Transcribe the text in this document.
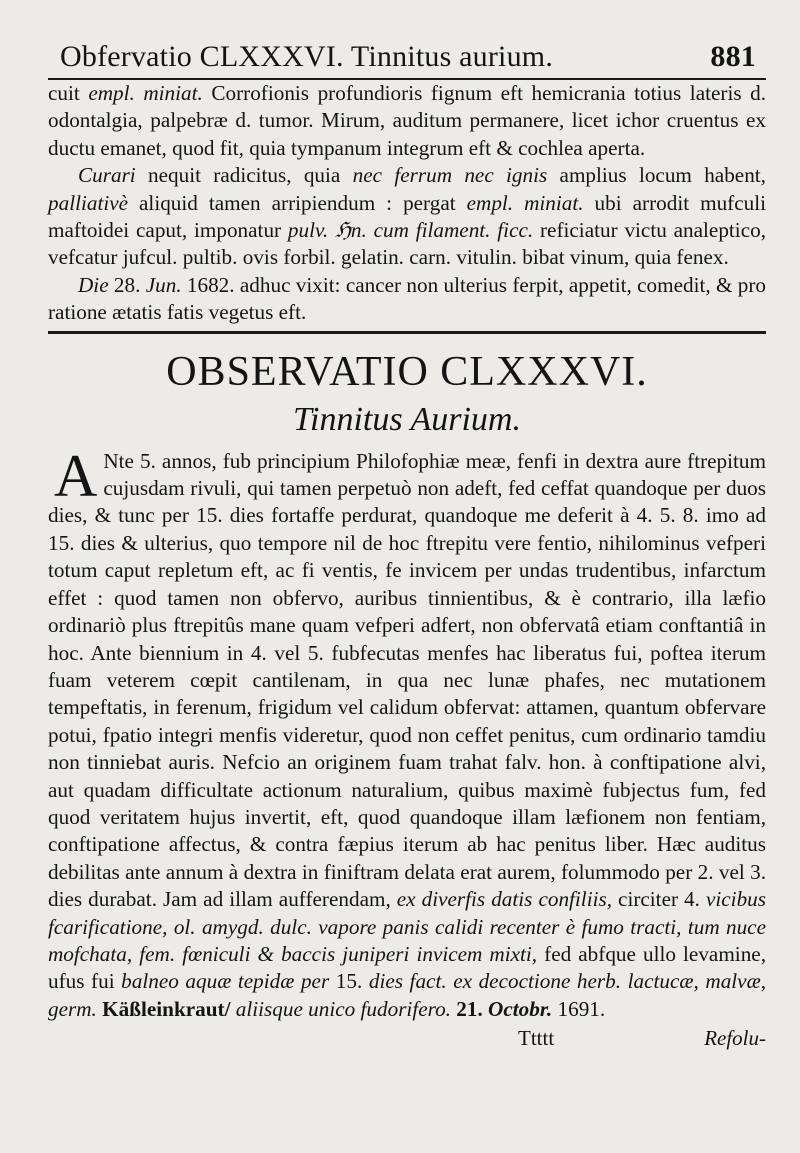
Obfervatio CLXXXVI. Tinnitus aurium.	881

cuit empl. miniat. Corrofionis profundioris fignum eft hemicrania totius lateris d. odontalgia, palpebræ d. tumor. Mirum, auditum permanere, licet ichor cruentus ex ductu emanet, quod fit, quia tympanum integrum eft & cochlea aperta.

Curari nequit radicitus, quia nec ferrum nec ignis amplius locum habent, palliativè aliquid tamen arripiendum : pergat empl. miniat. ubi arrodit mufculi maftoidei caput, imponatur pulv. ℌn. cum filament. ficc. reficiatur victu analeptico, vefcatur jufcul. pultib. ovis forbil. gelatin. carn. vitulin. bibat vinum, quia fenex.

Die 28. Jun. 1682. adhuc vixit: cancer non ulterius ferpit, appetit, comedit, & pro ratione ætatis fatis vegetus eft.

OBSERVATIO CLXXXVI.
Tinnitus Aurium.

A Nte 5. annos, fub principium Philofophiæ meæ, fenfi in dextra aure ftrepitum cujusdam rivuli, qui tamen perpetuò non adeft, fed ceffat quandoque per duos dies, & tunc per 15. dies fortaffe perdurat, quandoque me deferit à 4. 5. 8. imo ad 15. dies & ulterius, quo tempore nil de hoc ftrepitu vere fentio, nihilominus vefperi totum caput repletum eft, ac fi ventis, fe invicem per undas trudentibus, infarctum effet : quod tamen non obfervo, auribus tinnientibus, & è contrario, illa læfio ordinariò plus ftrepitûs mane quam vefperi adfert, non obfervatâ etiam conftantiâ in hoc. Ante biennium in 4. vel 5. fubfecutas menfes hac liberatus fui, poftea iterum fuam veterem cœpit cantilenam, in qua nec lunæ phafes, nec mutationem tempeftatis, in ferenum, frigidum vel calidum obfervat: attamen, quantum obfervare potui, fpatio integri menfis videretur, quod non ceffet penitus, cum ordinario tamdiu non tinniebat auris. Nefcio an originem fuam trahat falv. hon. à conftipatione alvi, aut quadam difficultate actionum naturalium, quibus maximè fubjectus fum, fed quod veritatem hujus invertit, eft, quod quandoque illam læfionem non fentiam, conftipatione affectus, & contra fæpius iterum ab hac penitus liber. Hæc auditus debilitas ante annum à dextra in finiftram delata erat aurem, folummodo per 2. vel 3. dies durabat. Jam ad illam aufferendam, ex diverfis datis confiliis, circiter 4. vicibus fcarificatione, ol. amygd. dulc. vapore panis calidi recenter è fumo tracti, tum nuce mofchata, fem. fœniculi & baccis juniperi invicem mixti, fed abfque ullo levamine, ufus fui balneo aquæ tepidæ per 15. dies fact. ex decoctione herb. lactucæ, malvæ, germ. Käßleinkraut/ aliisque unico fudorifero. 21. Octobr. 1691.

Ttttt	Refolu-
